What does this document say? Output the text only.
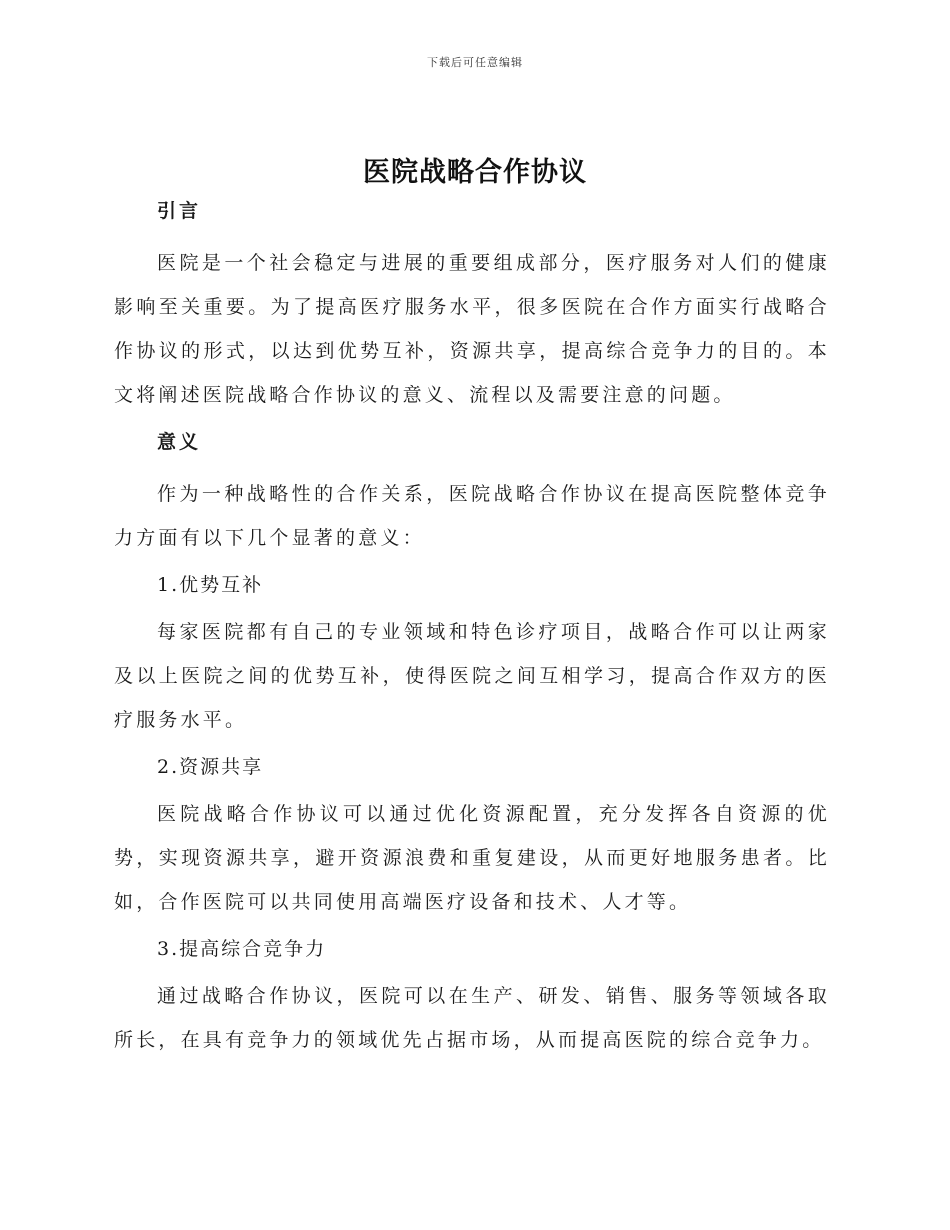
下载后可任意编辑
医院战略合作协议
引言

医院是一个社会稳定与进展的重要组成部分，医疗服务对人们的健康影响至关重要。为了提高医疗服务水平，很多医院在合作方面实行战略合作协议的形式，以达到优势互补，资源共享，提高综合竞争力的目的。本文将阐述医院战略合作协议的意义、流程以及需要注意的问题。

意义

作为一种战略性的合作关系，医院战略合作协议在提高医院整体竞争力方面有以下几个显著的意义：

1.优势互补

每家医院都有自己的专业领域和特色诊疗项目，战略合作可以让两家及以上医院之间的优势互补，使得医院之间互相学习，提高合作双方的医疗服务水平。

2.资源共享

医院战略合作协议可以通过优化资源配置，充分发挥各自资源的优势，实现资源共享，避开资源浪费和重复建设，从而更好地服务患者。比如，合作医院可以共同使用高端医疗设备和技术、人才等。

3.提高综合竞争力

通过战略合作协议，医院可以在生产、研发、销售、服务等领域各取所长，在具有竞争力的领域优先占据市场，从而提高医院的综合竞争力。
